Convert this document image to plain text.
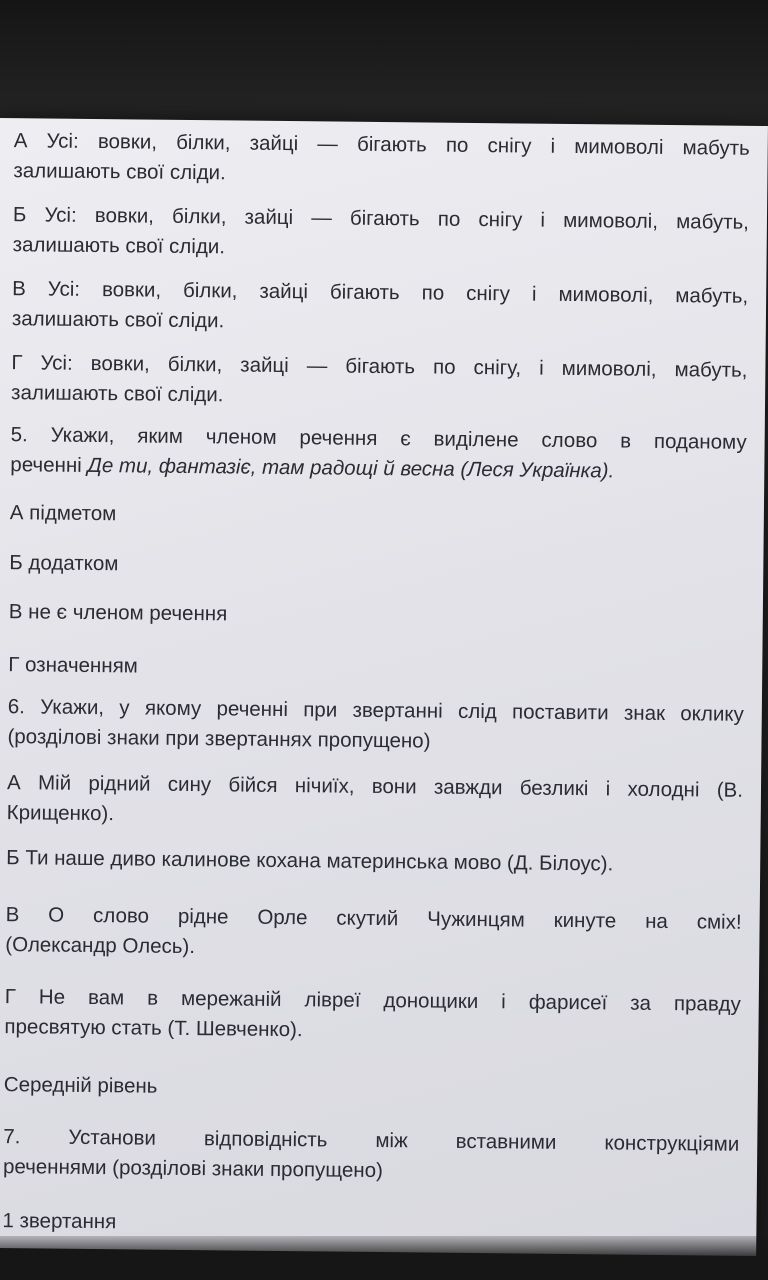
А Усі: вовки, білки, зайці — бігають по снігу і мимоволі мабуть
залишають свої сліди.
Б Усі: вовки, білки, зайці — бігають по снігу і мимоволі, мабуть,
залишають свої сліди.
В Усі: вовки, білки, зайці бігають по снігу і мимоволі, мабуть,
залишають свої сліди.
Г Усі: вовки, білки, зайці — бігають по снігу, і мимоволі, мабуть,
залишають свої сліди.
5. Укажи, яким членом речення є виділене слово в поданому
реченні Де ти, фантазіє, там радощі й весна (Леся Українка).
А підметом
Б додатком
В не є членом речення
Г означенням
6. Укажи, у якому реченні при звертанні слід поставити знак оклику
(розділові знаки при звертаннях пропущено)
А Мій рідний сину бійся нічиїх, вони завжди безликі і холодні (В.
Крищенко).
Б Ти наше диво калинове кохана материнська мово (Д. Білоус).
В О слово рідне Орле скутий Чужинцям кинуте на сміх!
(Олександр Олесь).
Г Не вам в мережаній лівреї донощики і фарисеї за правду
пресвятую стать (Т. Шевченко).
Середній рівень
7. Установи відповідність між вставними конструкціями
реченнями (розділові знаки пропущено)
1 звертання
